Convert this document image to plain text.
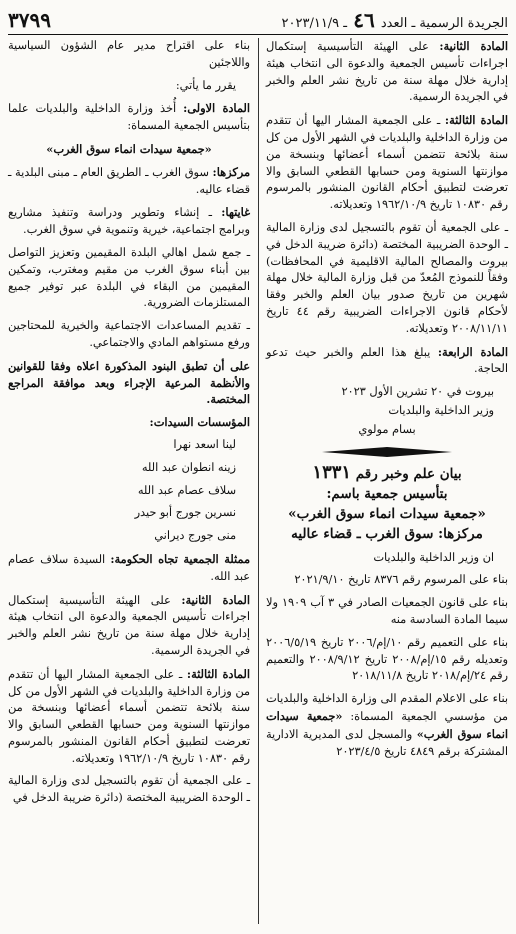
الجريدة الرسمية ـ العدد ٤٦ ـ ٢٠٢٣/١١/٩
٣٧٩٩

المادة الثانية: على الهيئة التأسيسية إستكمال اجراءات تأسيس الجمعية والدعوة الى انتخاب هيئة إدارية خلال مهلة سنة من تاريخ نشر العلم والخبر في الجريدة الرسمية.

المادة الثالثة: ـ على الجمعية المشار اليها أن تتقدم من وزارة الداخلية والبلديات في الشهر الأول من كل سنة بلائحة تتضمن أسماء أعضائها وبنسخة من موازنتها السنوية ومن حسابها القطعي السابق والا تعرضت لتطبيق أحكام القانون المنشور بالمرسوم رقم ١٠٨٣٠ تاريخ ١٩٦٢/١٠/٩ وتعديلاته.

ـ على الجمعية أن تقوم بالتسجيل لدى وزارة المالية ـ الوحدة الضريبية المختصة (دائرة ضريبة الدخل في بيروت والمصالح المالية الاقليمية في المحافظات) وفقاً للنموذج المُعدّ من قبل وزارة المالية خلال مهلة شهرين من تاريخ صدور بيان العلم والخبر وفقا لأحكام قانون الاجراءات الضريبية رقم ٤٤ تاريخ ٢٠٠٨/١١/١١ وتعديلاته.

المادة الرابعة: يبلغ هذا العلم والخبر حيث تدعو الحاجة.

بيروت في ٢٠ تشرين الأول ٢٠٢٣

وزير الداخلية والبلديات

بسام مولوي

بيان علم وخبر رقم ١٣٣١
بتأسيس جمعية باسم:
«جمعية سيدات انماء سوق الغرب»
مركزها: سوق الغرب ـ قضاء عاليه

ان وزير الداخلية والبلديات

بناء على المرسوم رقم ٨٣٧٦ تاريخ ٢٠٢١/٩/١٠

بناء على قانون الجمعيات الصادر في ٣ آب ١٩٠٩ ولا سيما المادة السادسة منه

بناء على التعميم رقم ١٠/إم/٢٠٠٦ تاريخ ٢٠٠٦/٥/١٩ وتعديله رقم ١٥/إم/٢٠٠٨ تاريخ ٢٠٠٨/٩/١٢ والتعميم رقم ٢٤/إم/٢٠١٨ تاريخ ٢٠١٨/١١/٨

بناء على الاعلام المقدم الى وزارة الداخلية والبلديات من مؤسسي الجمعية المسماة: «جمعية سيدات انماء سوق الغرب» والمسجل لدى المديرية الادارية المشتركة برقم ٤٨٤٩ تاريخ ٢٠٢٣/٤/٥

بناء على اقتراح مدير عام الشؤون السياسية واللاجئين

يقرر ما يأتي:

المادة الاولى: أُخذ وزارة الداخلية والبلديات علما بتأسيس الجمعية المسماة:

«جمعية سيدات انماء سوق الغرب»

مركزها: سوق الغرب ـ الطريق العام ـ مبنى البلدية ـ قضاء عاليه.

غايتها: ـ إنشاء وتطوير ودراسة وتنفيذ مشاريع وبرامج اجتماعية، خيرية وتنموية في سوق الغرب.

ـ جمع شمل اهالي البلدة المقيمين وتعزيز التواصل بين أبناء سوق الغرب من مقيم ومغترب، وتمكين المقيمين من البقاء في البلدة عبر توفير جميع المستلزمات الضرورية.

ـ تقديم المساعدات الاجتماعية والخيرية للمحتاجين ورفع مستواهم المادي والاجتماعي.

على أن تطبق البنود المذكورة اعلاه وفقا للقوانين والأنظمة المرعية الإجراء وبعد موافقة المراجع المختصة.

المؤسسات السيدات:

لينا اسعد نهرا

زينه انطوان عبد الله

سلاف عصام عبد الله

نسرين جورج أبو حيدر

منى جورج ديراني

ممثلة الجمعية تجاه الحكومة: السيدة سلاف عصام عبد الله.

المادة الثانية: على الهيئة التأسيسية إستكمال اجراءات تأسيس الجمعية والدعوة الى انتخاب هيئة إدارية خلال مهلة سنة من تاريخ نشر العلم والخبر في الجريدة الرسمية.

المادة الثالثة: ـ على الجمعية المشار اليها أن تتقدم من وزارة الداخلية والبلديات في الشهر الأول من كل سنة بلائحة تتضمن أسماء أعضائها وبنسخة من موازنتها السنوية ومن حسابها القطعي السابق والا تعرضت لتطبيق أحكام القانون المنشور بالمرسوم رقم ١٠٨٣٠ تاريخ ١٩٦٢/١٠/٩ وتعديلاته.

ـ على الجمعية أن تقوم بالتسجيل لدى وزارة المالية ـ الوحدة الضريبية المختصة (دائرة ضريبة الدخل في
